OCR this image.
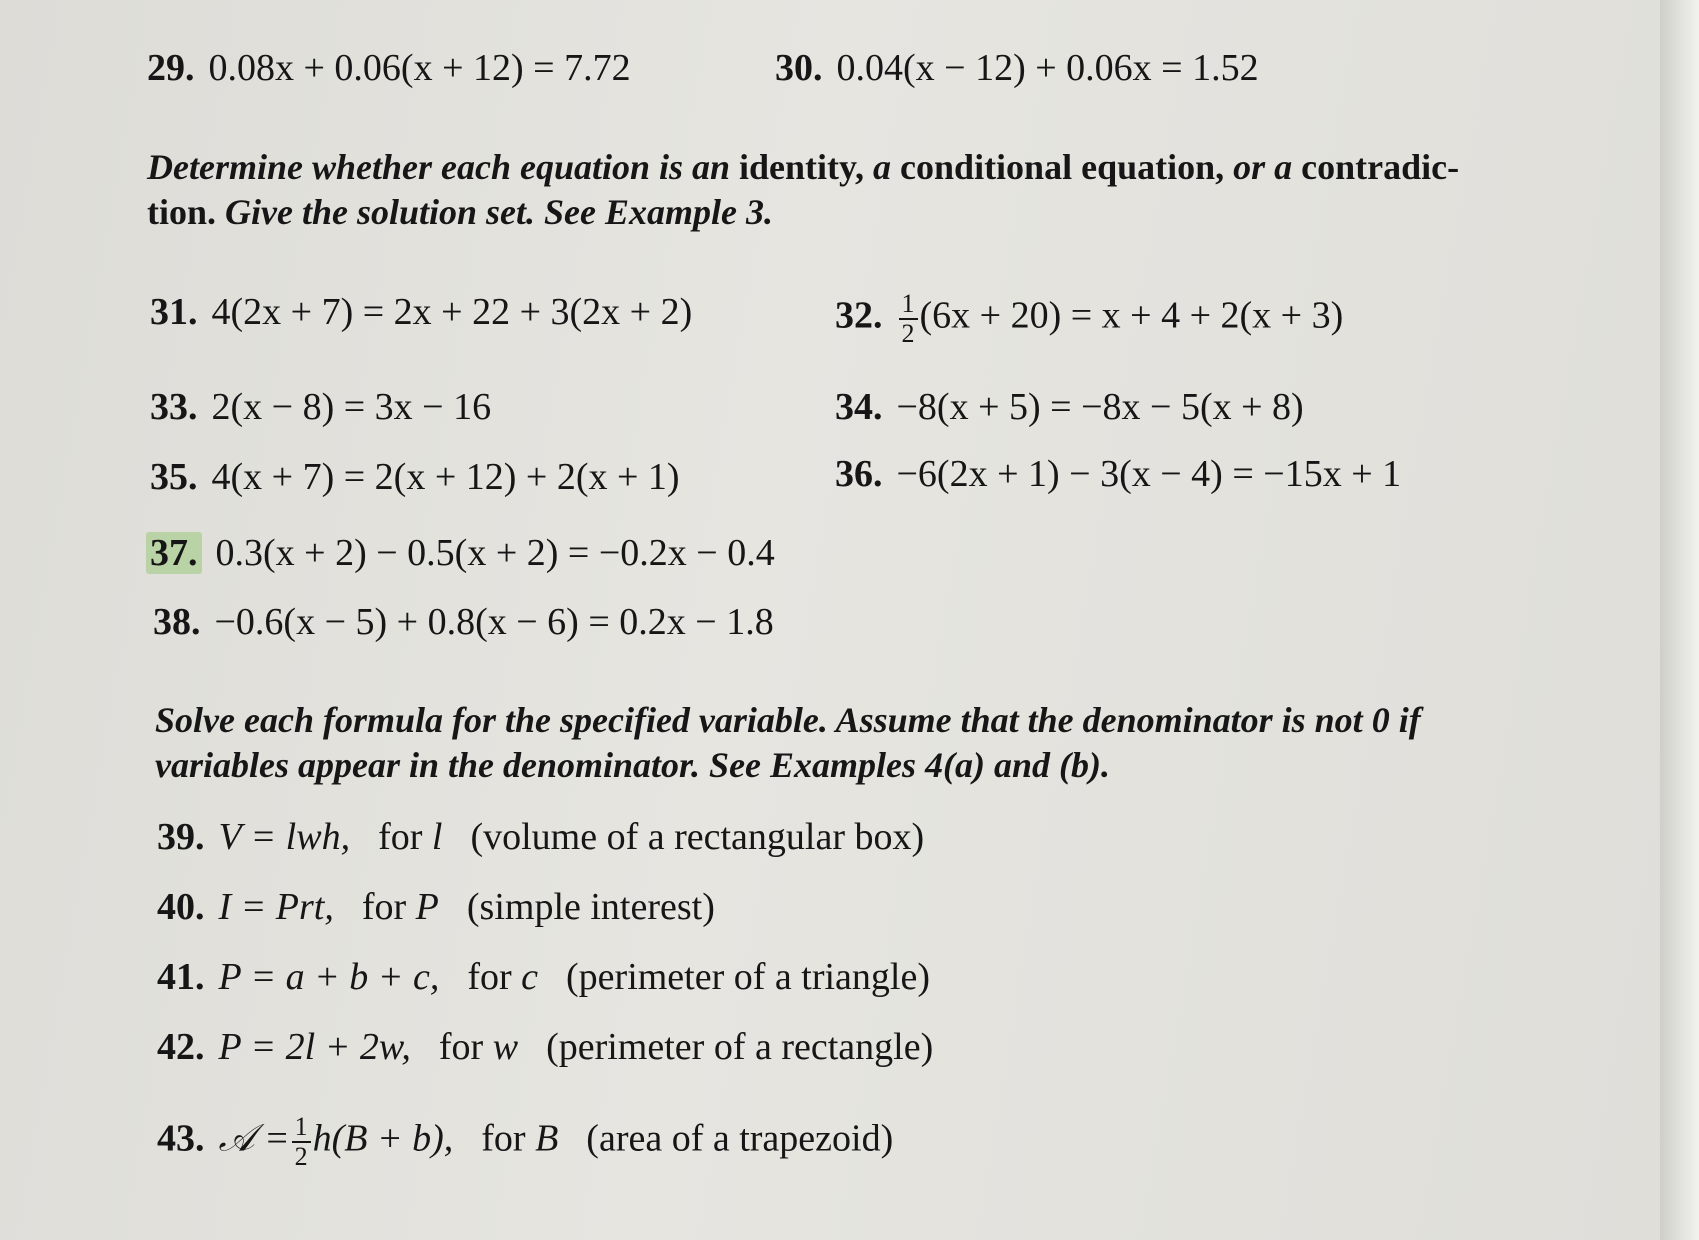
29. 0.08x + 0.06(x + 12) = 7.72	30. 0.04(x − 12) + 0.06x = 1.52
Determine whether each equation is an identity, a conditional equation, or a contradic-
tion. Give the solution set. See Example 3.
31. 4(2x + 7) = 2x + 22 + 3(2x + 2)	32. $\frac{1}{2} (6x + 20) = x + 4 + 2(x + 3)$
33. 2(x − 8) = 3x − 16	34. −8(x + 5) = −8x − 5(x + 8)
35. 4(x + 7) = 2(x + 12) + 2(x + 1)	36. −6(2x + 1) − 3(x − 4) = −15x + 1
37. 0.3(x + 2) − 0.5(x + 2) = −0.2x − 0.4
38. −0.6(x − 5) + 0.8(x − 6) = 0.2x − 1.8
Solve each formula for the specified variable. Assume that the denominator is not 0 if
variables appear in the denominator. See Examples 4(a) and (b).
39. V = lwh, for l (volume of a rectangular box)
40. I = Prt, for P (simple interest)
41. P = a + b + c, for c (perimeter of a triangle)
42. P = 2l + 2w, for w (perimeter of a rectangle)
43. 𝒜 = $\frac{1}{2} h(B + b)$, for B (area of a trapezoid)
